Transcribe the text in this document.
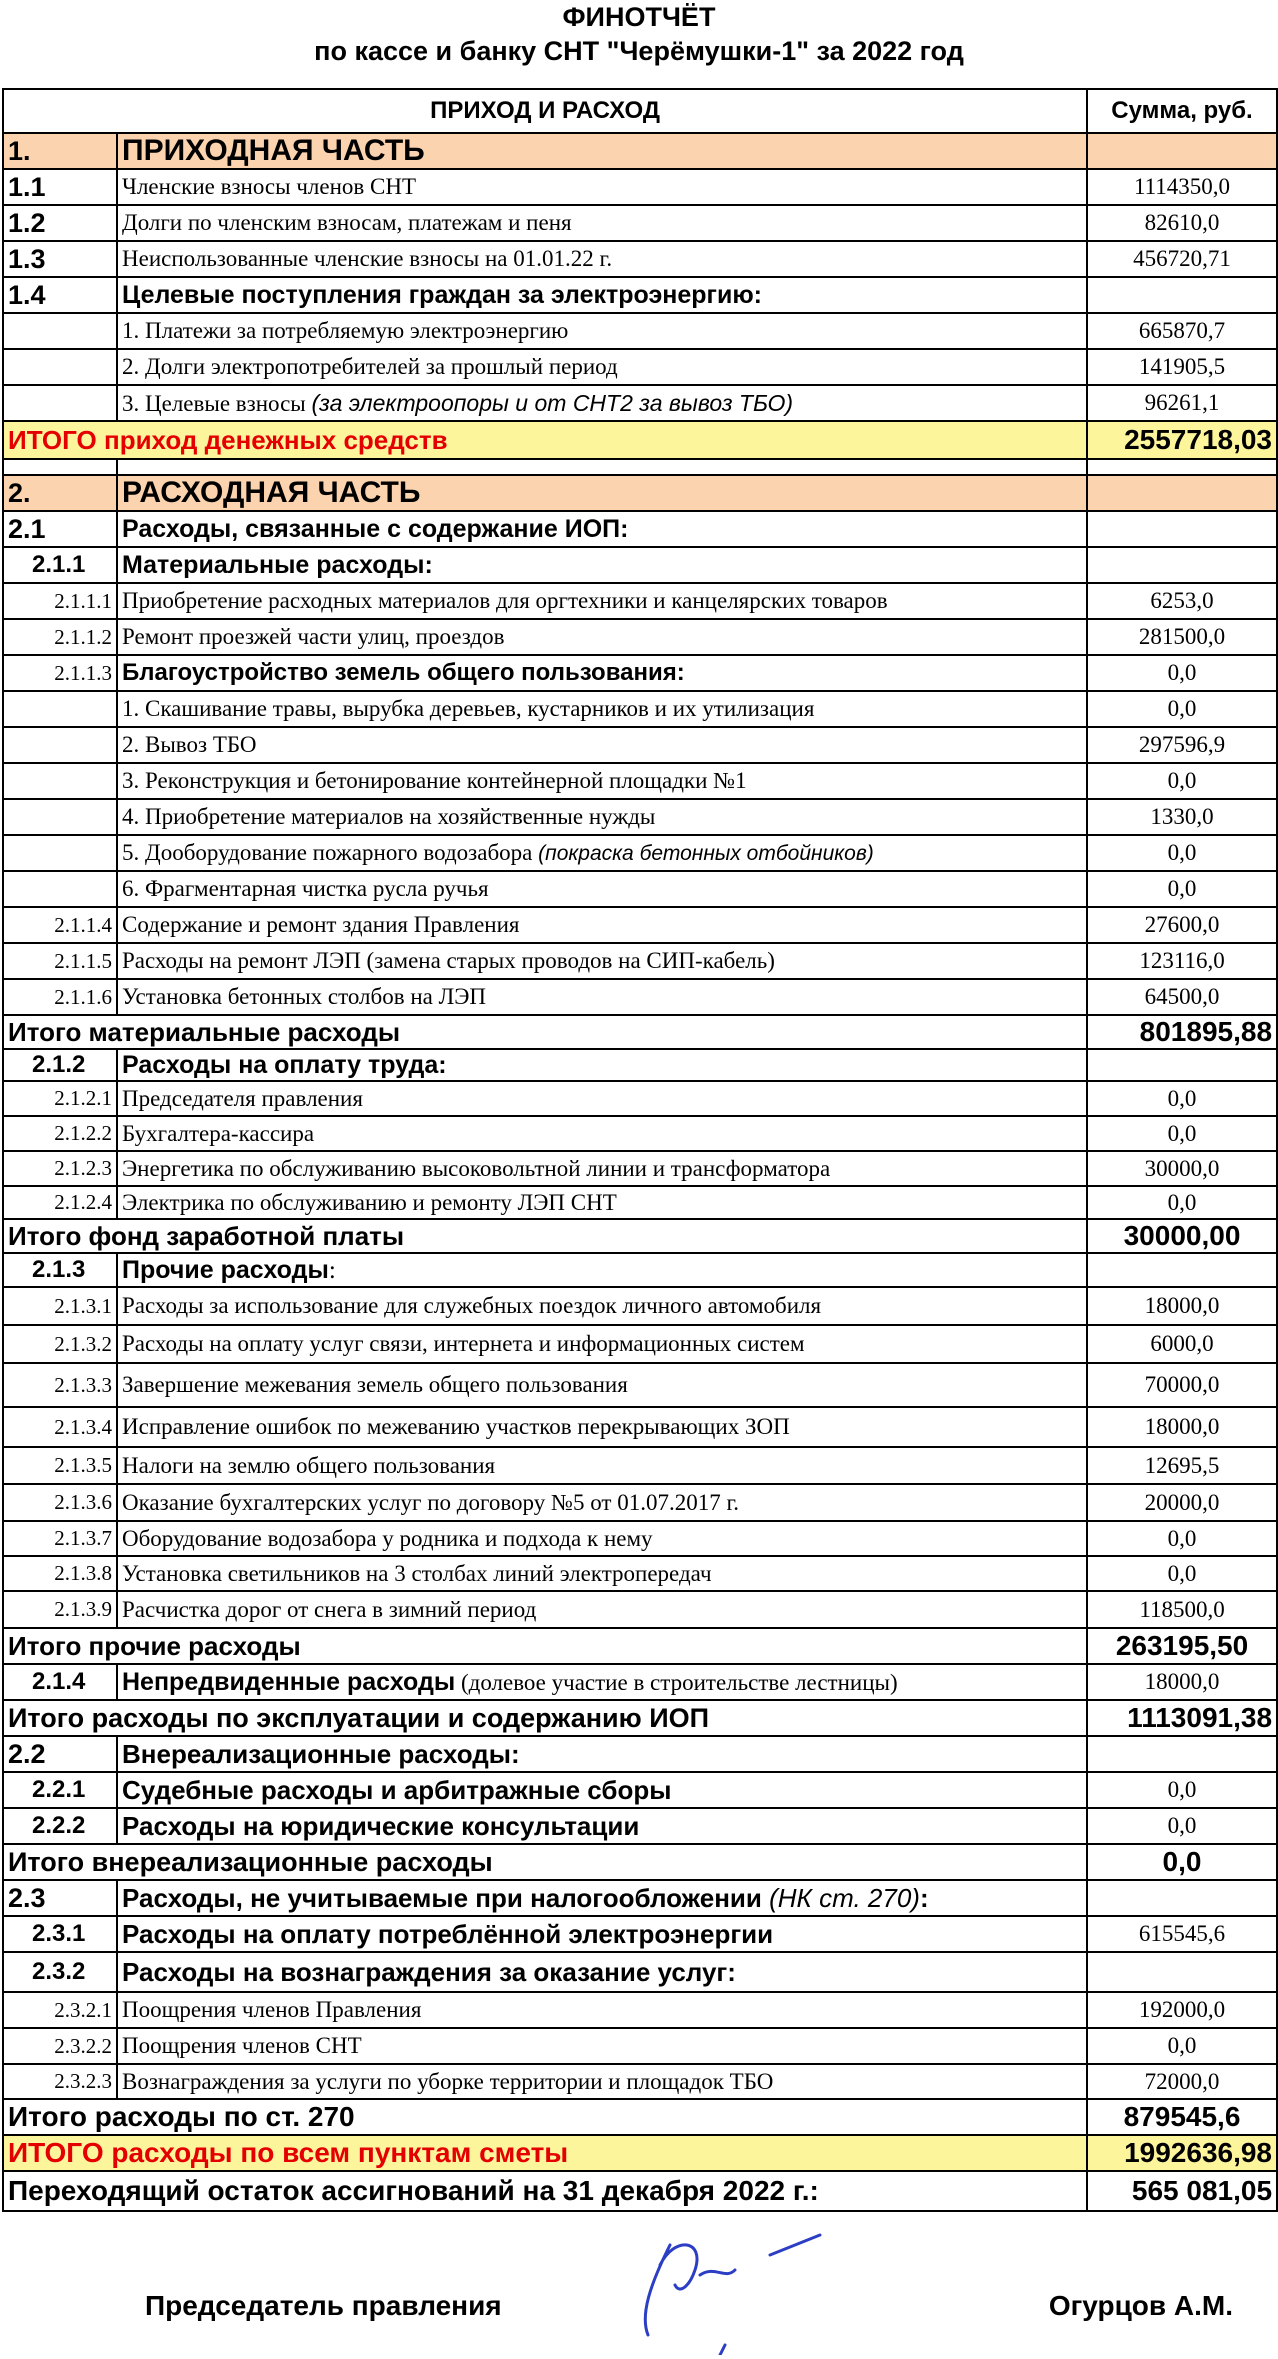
ФИНОТЧЁТ
по кассе и банку СНТ "Черёмушки-1" за 2022 год
ПРИХОД И РАСХОД		Сумма, руб.
1.	ПРИХОДНАЯ ЧАСТЬ	
1.1	Членские взносы членов СНТ	1114350,0
1.2	Долги по членским взносам, платежам и пеня	82610,0
1.3	Неиспользованные членские взносы на 01.01.22 г.	456720,71
1.4	Целевые поступления граждан за электроэнергию:	
	1. Платежи за потребляемую электроэнергию	665870,7
	2. Долги электропотребителей за прошлый период	141905,5
	3. Целевые взносы (за электроопоры и от СНТ2 за вывоз ТБО)	96261,1
ИТОГО приход денежных средств		2557718,03

2.	РАСХОДНАЯ ЧАСТЬ	
2.1	Расходы, связанные с содержание ИОП:	
2.1.1	Материальные расходы:	
2.1.1.1	Приобретение расходных материалов для оргтехники и канцелярских товаров	6253,0
2.1.1.2	Ремонт проезжей части улиц, проездов	281500,0
2.1.1.3	Благоустройство земель общего пользования:	0,0
	1. Скашивание травы, вырубка деревьев, кустарников и их утилизация	0,0
	2. Вывоз ТБО	297596,9
	3. Реконструкция и бетонирование контейнерной площадки №1	0,0
	4. Приобретение материалов на хозяйственные нужды	1330,0
	5. Дооборудование пожарного водозабора (покраска бетонных отбойников)	0,0
	6. Фрагментарная чистка русла ручья	0,0
2.1.1.4	Содержание и ремонт здания Правления	27600,0
2.1.1.5	Расходы на ремонт ЛЭП (замена старых проводов на СИП-кабель)	123116,0
2.1.1.6	Установка бетонных столбов на ЛЭП	64500,0
Итого материальные расходы		801895,88
2.1.2	Расходы на оплату труда:	
2.1.2.1	Председателя правления	0,0
2.1.2.2	Бухгалтера-кассира	0,0
2.1.2.3	Энергетика по обслуживанию высоковольтной линии и трансформатора	30000,0
2.1.2.4	Электрика по обслуживанию и ремонту ЛЭП СНТ	0,0
Итого фонд заработной платы		30000,00
2.1.3	Прочие расходы:	
2.1.3.1	Расходы за использование для служебных поездок личного автомобиля	18000,0
2.1.3.2	Расходы на оплату услуг связи, интернета и информационных систем	6000,0
2.1.3.3	Завершение межевания земель общего пользования	70000,0
2.1.3.4	Исправление ошибок по межеванию участков перекрывающих ЗОП	18000,0
2.1.3.5	Налоги на землю общего пользования	12695,5
2.1.3.6	Оказание бухгалтерских услуг по договору №5 от 01.07.2017 г.	20000,0
2.1.3.7	Оборудование водозабора у родника и подхода к нему	0,0
2.1.3.8	Установка светильников на 3 столбах линий электропередач	0,0
2.1.3.9	Расчистка дорог от снега в зимний период	118500,0
Итого прочие расходы		263195,50
2.1.4	Непредвиденные расходы (долевое участие в строительстве лестницы)	18000,0
Итого расходы по эксплуатации и содержанию ИОП		1113091,38
2.2	Внереализационные расходы:	
2.2.1	Судебные расходы и арбитражные сборы	0,0
2.2.2	Расходы на юридические консультации	0,0
Итого внереализационные расходы		0,0
2.3	Расходы, не учитываемые при налогообложении (НК ст. 270):	
2.3.1	Расходы на оплату потреблённой электроэнергии	615545,6
2.3.2	Расходы на вознаграждения за оказание услуг:	
2.3.2.1	Поощрения членов Правления	192000,0
2.3.2.2	Поощрения членов СНТ	0,0
2.3.2.3	Вознаграждения за услуги по уборке территории и площадок ТБО	72000,0
Итого расходы по ст. 270		879545,6
ИТОГО расходы по всем пунктам сметы		1992636,98
Переходящий остаток ассигнований на 31 декабря 2022 г.:		565 081,05
Председатель правления	Огурцов А.М.
